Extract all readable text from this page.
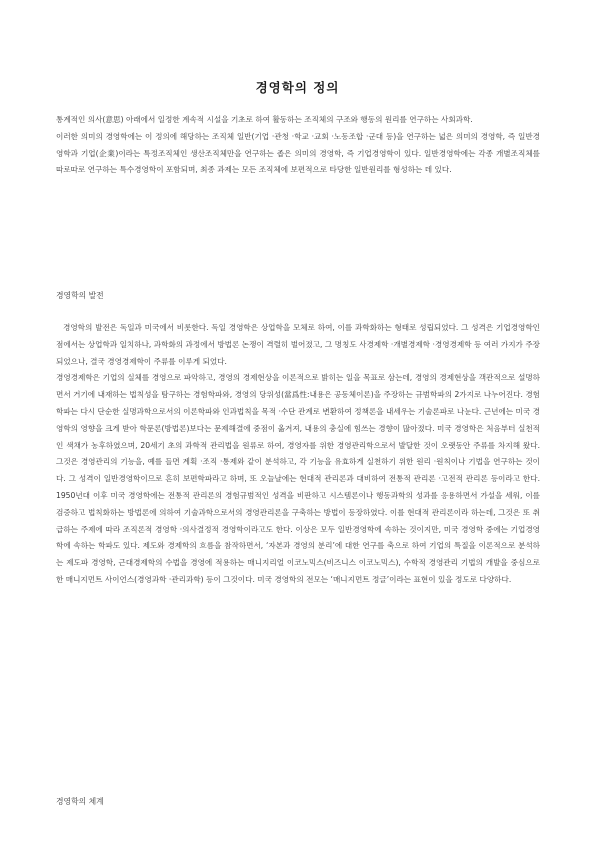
경영학의 정의

통계적인 의사(意思) 아래에서 일정한 계속적 시설을 기초로 하여 활동하는 조직체의 구조와 행동의 원리를 연구하는 사회과학.

이러한 의미의 경영학에는 이 정의에 해당하는 조직체 일반(기업 ·관청 ·학교 ·교회 ·노동조합 ·군대 등)을 연구하는 넓은 의미의 경영학, 즉 일반경영학과 기업(企業)이라는 특정조직체인 생산조직체만을 연구하는 좁은 의미의 경영학, 즉 기업경영학이 있다. 일반경영학에는 각종 개별조직체를 따로따로 연구하는 특수경영학이 포함되며, 최종 과제는 모든 조직체에 보편적으로 타당한 일반원리를 형성하는 데 있다.

경영학의 발전

경영학의 발전은 독일과 미국에서 비롯한다. 독일 경영학은 상업학을 모체로 하여, 이를 과학화하는 형태로 성립되었다. 그 성격은 기업경영학인 점에서는 상업학과 일치하나, 과학화의 과정에서 방법론 논쟁이 격렬히 벌어졌고, 그 명칭도 사경제학 ·개별경제학 ·경영경제학 등 여러 가지가 주장되었으나, 결국 경영경제학이 주류를 이루게 되었다.

경영경제학은 기업의 실체를 경영으로 파악하고, 경영의 경제현상을 이론적으로 밝히는 일을 목표로 삼는데, 경영의 경제현상을 객관적으로 설명하면서 거기에 내재하는 법칙성을 탐구하는 경험학파와, 경영의 당위성(當爲性:내용은 공동체이론)을 주장하는 규범학파의 2가지로 나누어진다. 경험학파는 다시 단순한 실명과학으로서의 이론학파와 인과법칙을 목적 ·수단 관계로 변환하여 정책론을 내세우는 기술론파로 나눈다. 근년에는 미국 경영학의 영향을 크게 받아 학문론(방법론)보다는 문제해결에 중점이 옮겨져, 내용의 충실에 힘쓰는 경향이 많아졌다. 미국 경영학은 처음부터 실천적인 색채가 농후하였으며, 20세기 초의 과학적 관리법을 원류로 하여, 경영자를 위한 경영관리학으로서 발달한 것이 오랫동안 주류를 차지해 왔다. 그것은 경영관리의 기능을, 예를 들면 계획 ·조직 ·통제와 같이 분석하고, 각 기능을 유효하게 실천하기 위한 원리 ·원칙이나 기법을 연구하는 것이다. 그 성격이 일반경영학이므로 흔히 보편학파라고 하며, 또 오늘날에는 현대적 관리론과 대비하여 전통적 관리론 ·고전적 관리론 등이라고 한다. 1950년대 이후 미국 경영학에는 전통적 관리론의 경험규범적인 성격을 비판하고 시스템론이나 행동과학의 성과를 응용하면서 가설을 세워, 이를 검증하고 법칙화하는 방법론에 의하여 기술과학으로서의 경영관리론을 구축하는 방법이 등장하였다. 이를 현대적 관리론이라 하는데, 그것은 또 취급하는 주제에 따라 조직론적 경영학 ·의사결정적 경영학이라고도 한다. 이상은 모두 일반경영학에 속하는 것이지만, 미국 경영학 중에는 기업경영학에 속하는 학파도 있다. 제도와 경제학의 흐름을 참작하면서, ‘자본과 경영의 분리’에 대한 연구를 축으로 하여 기업의 특질을 이론적으로 분석하는 제도파 경영학, 근대경제학의 수법을 경영에 적용하는 매니지리얼 이코노믹스(비즈니스 이코노믹스), 수학적 경영관리 기법의 개발을 중심으로 한 매니지먼트 사이언스(경영과학 ·관리과학) 등이 그것이다. 미국 경영학의 전모는 ‘매니지먼트 정글’이라는 표현이 있을 정도로 다양하다.

경영학의 체계
